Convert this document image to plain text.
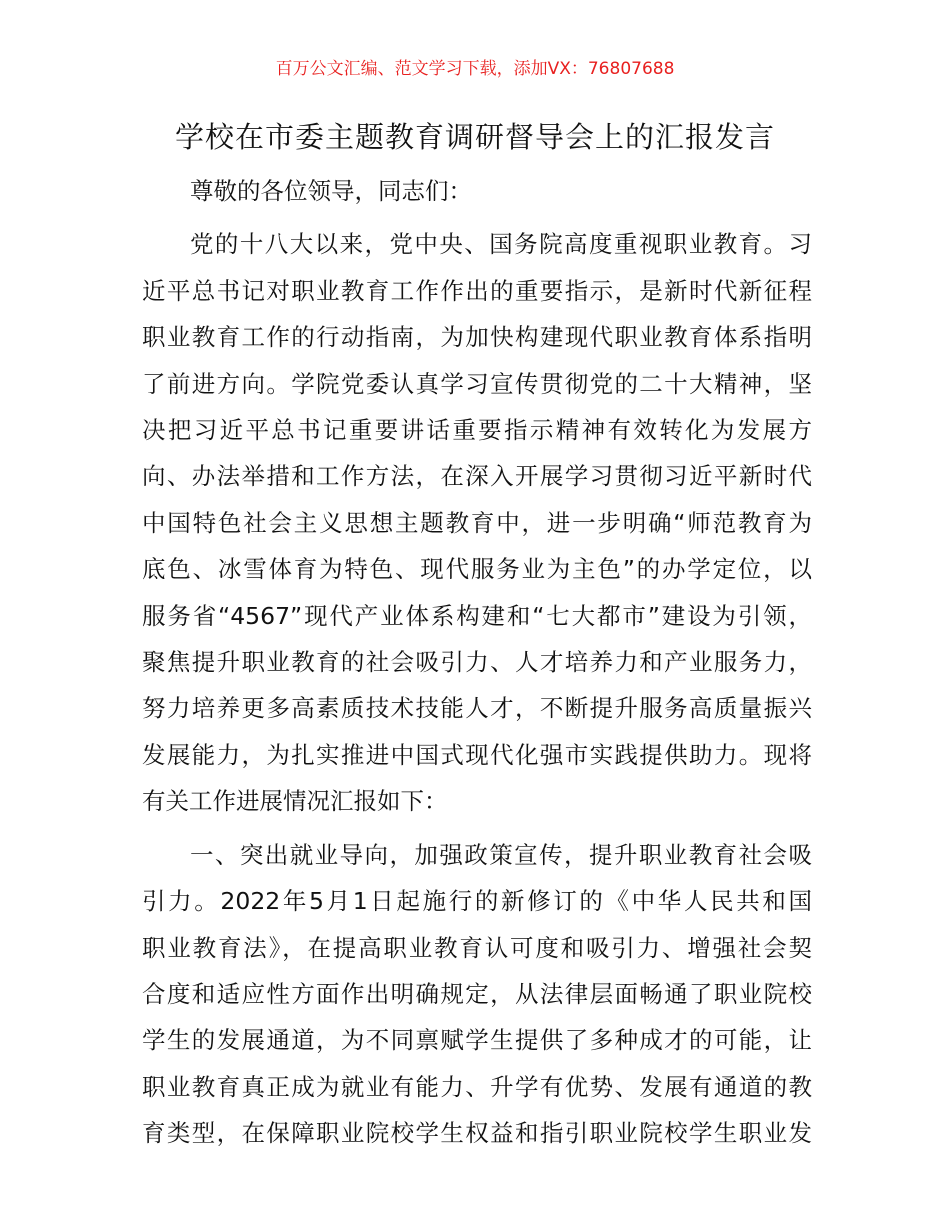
百万公文汇编、范文学习下载，添加VX：76807688
学校在市委主题教育调研督导会上的汇报发言

尊敬的各位领导，同志们：

党的十八大以来，党中央、国务院高度重视职业教育。习
近平总书记对职业教育工作作出的重要指示，是新时代新征程
职业教育工作的行动指南，为加快构建现代职业教育体系指明
了前进方向。学院党委认真学习宣传贯彻党的二十大精神，坚
决把习近平总书记重要讲话重要指示精神有效转化为发展方
向、办法举措和工作方法，在深入开展学习贯彻习近平新时代
中国特色社会主义思想主题教育中，进一步明确“师范教育为
底色、冰雪体育为特色、现代服务业为主色”的办学定位，以
服务省“4567”现代产业体系构建和“七大都市”建设为引领，
聚焦提升职业教育的社会吸引力、人才培养力和产业服务力，
努力培养更多高素质技术技能人才，不断提升服务高质量振兴
发展能力，为扎实推进中国式现代化强市实践提供助力。现将
有关工作进展情况汇报如下：

一、突出就业导向，加强政策宣传，提升职业教育社会吸
引力。2022年5月1日起施行的新修订的《中华人民共和国
职业教育法》，在提高职业教育认可度和吸引力、增强社会契
合度和适应性方面作出明确规定，从法律层面畅通了职业院校
学生的发展通道，为不同禀赋学生提供了多种成才的可能，让
职业教育真正成为就业有能力、升学有优势、发展有通道的教
育类型，在保障职业院校学生权益和指引职业院校学生职业发
